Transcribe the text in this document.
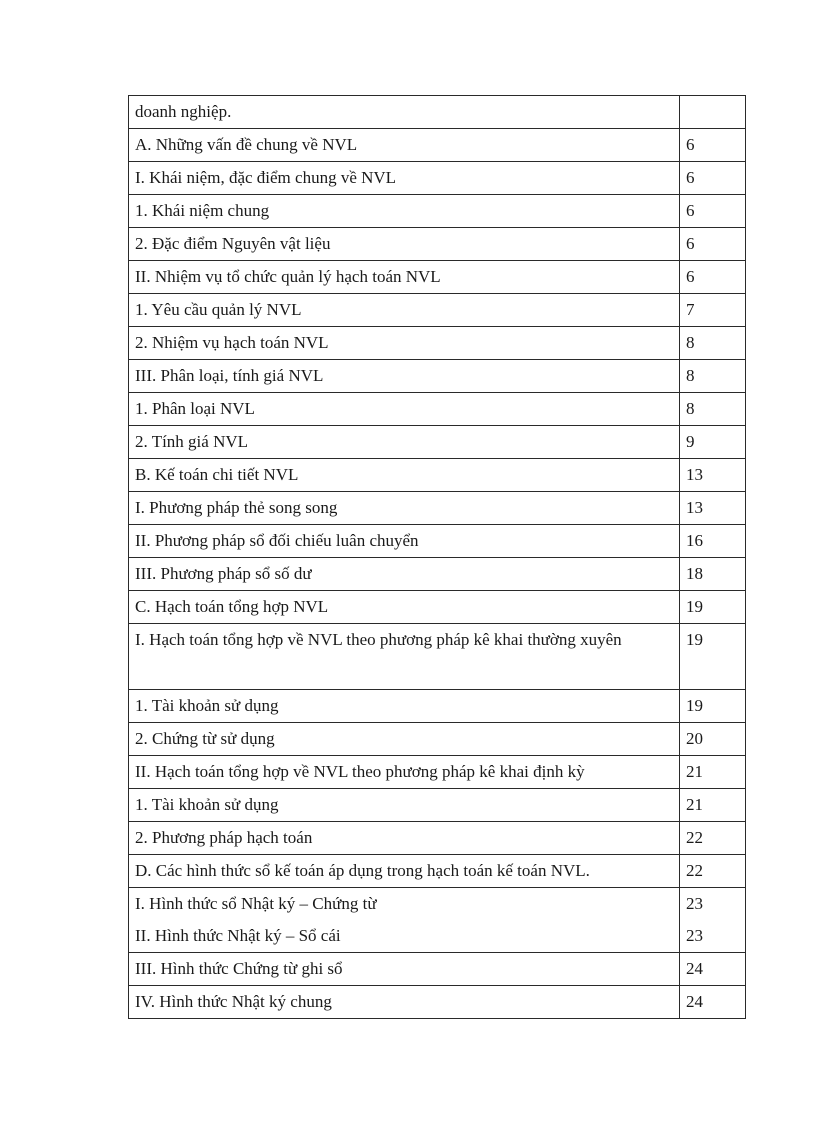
doanh nghiệp.	
A. Những vấn đề chung về NVL	6
I. Khái niệm, đặc điểm chung về NVL	6
1. Khái niệm chung	6
2. Đặc điểm Nguyên vật liệu	6
II. Nhiệm vụ tổ chức quản lý hạch toán NVL	6
1. Yêu cầu quản lý NVL	7
2. Nhiệm vụ hạch toán NVL	8
III. Phân loại, tính giá NVL	8
1. Phân loại NVL	8
2. Tính giá NVL	9
B. Kế toán chi tiết NVL	13
I. Phương pháp thẻ song song	13
II. Phương pháp sổ đối chiếu luân chuyển	16
III. Phương pháp sổ số dư	18
C. Hạch toán tổng hợp NVL	19
I. Hạch toán tổng hợp về NVL theo phương pháp kê khai thường xuyên	19
1. Tài khoản sử dụng	19
2. Chứng từ sử dụng	20
II. Hạch toán tổng hợp về NVL theo phương pháp kê khai định kỳ	21
1. Tài khoản sử dụng	21
2. Phương pháp hạch toán	22
D. Các hình thức sổ kế toán áp dụng trong hạch toán kế toán NVL.	22
I. Hình thức sổ Nhật ký – Chứng từ	23
II. Hình thức Nhật ký – Sổ cái	23
III. Hình thức Chứng từ ghi sổ	24
IV. Hình thức Nhật ký chung	24
